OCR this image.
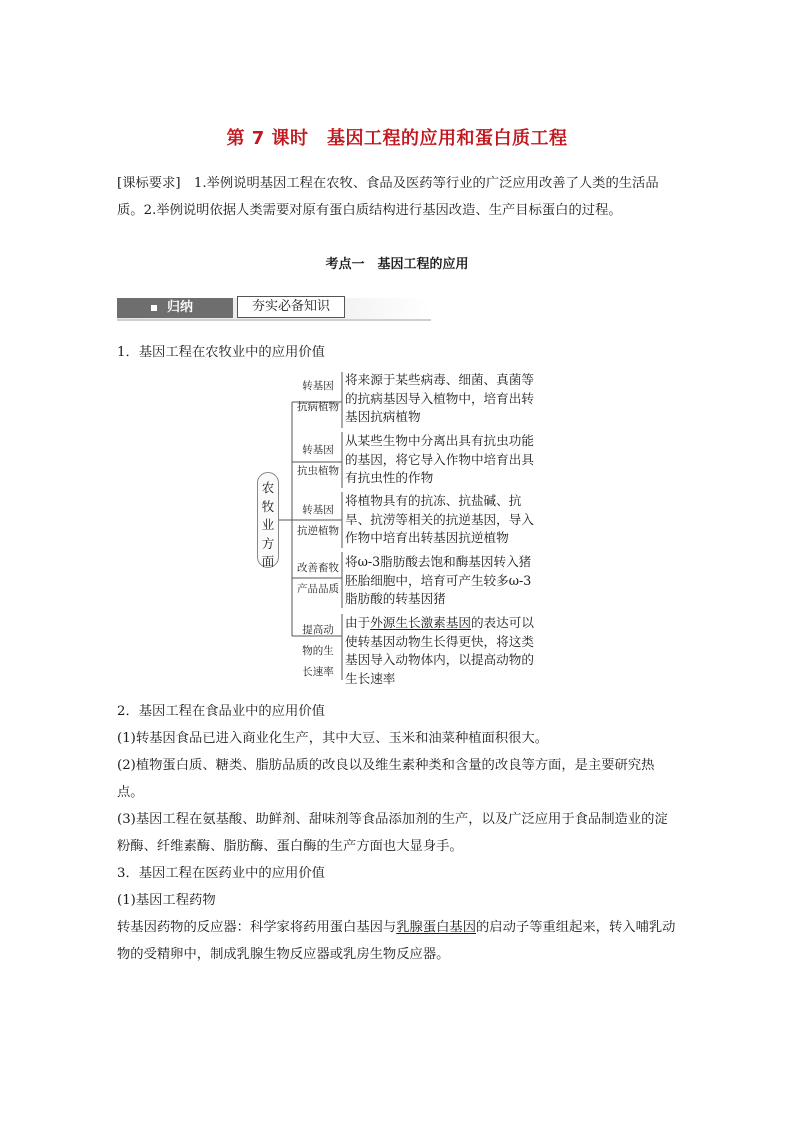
第 7 课时　基因工程的应用和蛋白质工程
[课标要求]　1.举例说明基因工程在农牧、食品及医药等行业的广泛应用改善了人类的生活品质。2.举例说明依据人类需要对原有蛋白质结构进行基因改造、生产目标蛋白的过程。
考点一　基因工程的应用
归纳	夯实必备知识
1．基因工程在农牧业中的应用价值
农
牧
业
方
面
转基因
抗病植物
将来源于某些病毒、细菌、真菌等的抗病基因导入植物中，培育出转基因抗病植物
转基因
抗虫植物
从某些生物中分离出具有抗虫功能的基因，将它导入作物中培育出具有抗虫性的作物
转基因
抗逆植物
将植物具有的抗冻、抗盐碱、抗旱、抗涝等相关的抗逆基因，导入作物中培育出转基因抗逆植物
改善畜牧
产品品质
将ω-3脂肪酸去饱和酶基因转入猪胚胎细胞中，培育可产生较多ω-3脂肪酸的转基因猪
提高动
物的生
长速率
由于外源生长激素基因的表达可以使转基因动物生长得更快，将这类基因导入动物体内，以提高动物的生长速率
2．基因工程在食品业中的应用价值
(1)转基因食品已进入商业化生产，其中大豆、玉米和油菜种植面积很大。
(2)植物蛋白质、糖类、脂肪品质的改良以及维生素种类和含量的改良等方面，是主要研究热点。
(3)基因工程在氨基酸、助鲜剂、甜味剂等食品添加剂的生产，以及广泛应用于食品制造业的淀粉酶、纤维素酶、脂肪酶、蛋白酶的生产方面也大显身手。
3．基因工程在医药业中的应用价值
(1)基因工程药物
转基因药物的反应器：科学家将药用蛋白基因与乳腺蛋白基因的启动子等重组起来，转入哺乳动物的受精卵中，制成乳腺生物反应器或乳房生物反应器。
